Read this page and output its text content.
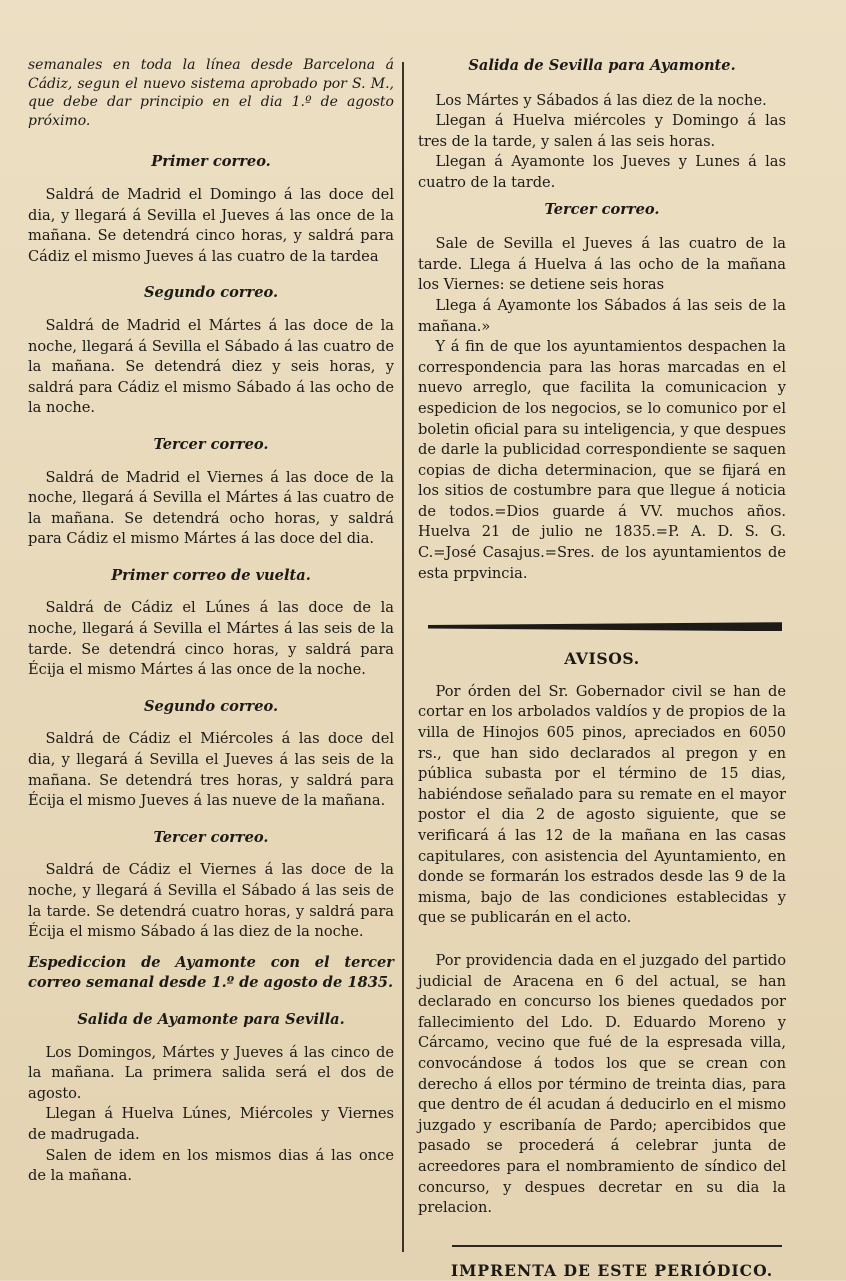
semanales en toda la línea desde Barcelona á Cádiz, segun el nuevo sistema aprobado por S. M., que debe dar principio en el dia 1.º de agosto próximo.

Primer correo.

Saldrá de Madrid el Domingo á las doce del dia, y llegará á Sevilla el Jueves á las once de la mañana. Se detendrá cinco horas, y saldrá para Cádiz el mismo Jueves á las cuatro de la tardea

Segundo correo.

Saldrá de Madrid el Mártes á las doce de la noche, llegará á Sevilla el Sábado á las cuatro de la mañana. Se detendrá diez y seis horas, y saldrá para Cádiz el mismo Sábado á las ocho de la noche.

Tercer correo.

Saldrá de Madrid el Viernes á las doce de la noche, llegará á Sevilla el Mártes á las cuatro de la mañana. Se detendrá ocho horas, y saldrá para Cádiz el mismo Mártes á las doce del dia.

Primer correo de vuelta.

Saldrá de Cádiz el Lúnes á las doce de la noche, llegará á Sevilla el Mártes á las seis de la tarde. Se detendrá cinco horas, y saldrá para Écija el mismo Mártes á las once de la noche.

Segundo correo.

Saldrá de Cádiz el Miércoles á las doce del dia, y llegará á Sevilla el Jueves á las seis de la mañana. Se detendrá tres horas, y saldrá para Écija el mismo Jueves á las nueve de la mañana.

Tercer correo.

Saldrá de Cádiz el Viernes á las doce de la noche, y llegará á Sevilla el Sábado á las seis de la tarde. Se detendrá cuatro horas, y saldrá para Écija el mismo Sábado á las diez de la noche.

Espediccion de Ayamonte con el tercer correo semanal desde 1.º de agosto de 1835.

Salida de Ayamonte para Sevilla.

Los Domingos, Mártes y Jueves á las cinco de la mañana. La primera salida será el dos de agosto.

Llegan á Huelva Lúnes, Miércoles y Viernes de madrugada.

Salen de idem en los mismos dias á las once de la mañana.

Salida de Sevilla para Ayamonte.

Los Mártes y Sábados á las diez de la noche.

Llegan á Huelva miércoles y Domingo á las tres de la tarde, y salen á las seis horas.

Llegan á Ayamonte los Jueves y Lunes á las cuatro de la tarde.

Tercer correo.

Sale de Sevilla el Jueves á las cuatro de la tarde. Llega á Huelva á las ocho de la mañana los Viernes: se detiene seis horas

Llega á Ayamonte los Sábados á las seis de la mañana.»

Y á fin de que los ayuntamientos despachen la correspondencia para las horas marcadas en el nuevo arreglo, que facilita la comunicacion y espedicion de los negocios, se lo comunico por el boletin oficial para su inteligencia, y que despues de darle la publicidad correspondiente se saquen copias de dicha determinacion, que se fijará en los sitios de costumbre para que llegue á noticia de todos.=Dios guarde á VV. muchos años. Huelva 21 de julio ne 1835.=P. A. D. S. G. C.=José Casajus.=Sres. de los ayuntamientos de esta prpvincia.

AVISOS.

Por órden del Sr. Gobernador civil se han de cortar en los arbolados valdíos y de propios de la villa de Hinojos 605 pinos, apreciados en 6050 rs., que han sido declarados al pregon y en pública subasta por el término de 15 dias, habiéndose señalado para su remate en el mayor postor el dia 2 de agosto siguiente, que se verificará á las 12 de la mañana en las casas capitulares, con asistencia del Ayuntamiento, en donde se formarán los estrados desde las 9 de la misma, bajo de las condiciones establecidas y que se publicarán en el acto.

Por providencia dada en el juzgado del partido judicial de Aracena en 6 del actual, se han declarado en concurso los bienes quedados por fallecimiento del Ldo. D. Eduardo Moreno y Cárcamo, vecino que fué de la espresada villa, convocándose á todos los que se crean con derecho á ellos por término de treinta dias, para que dentro de él acudan á deducirlo en el mismo juzgado y escribanía de Pardo; apercibidos que pasado se procederá á celebrar junta de acreedores para el nombramiento de síndico del concurso, y despues decretar en su dia la prelacion.

IMPRENTA DE ESTE PERIÓDICO.
